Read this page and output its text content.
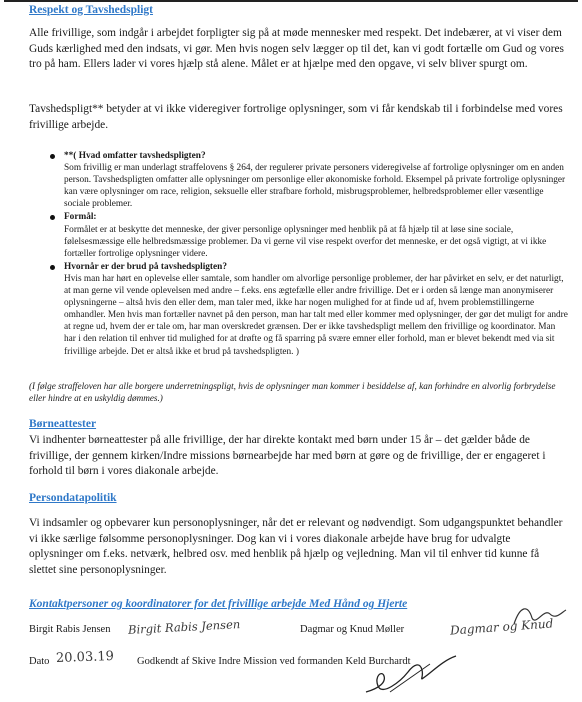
Respekt og Tavshedspligt

Alle frivillige, som indgår i arbejdet forpligter sig på at møde mennesker med respekt. Det indebærer, at vi viser dem Guds kærlighed med den indsats, vi gør. Men hvis nogen selv lægger op til det, kan vi godt fortælle om Gud og vores tro på ham. Ellers lader vi vores hjælp stå alene. Målet er at hjælpe med den opgave, vi selv bliver spurgt om.

Tavshedspligt** betyder at vi ikke videregiver fortrolige oplysninger, som vi får kendskab til i forbindelse med vores frivillige arbejde.

**( Hvad omfatter tavshedspligten?
Som frivillig er man underlagt straffelovens § 264, der regulerer private personers videregivelse af fortrolige oplysninger om en anden person. Tavshedspligten omfatter alle oplysninger om personlige eller økonomiske forhold. Eksempel på private fortrolige oplysninger kan være oplysninger om race, religion, seksuelle eller strafbare forhold, misbrugsproblemer, helbredsproblemer eller væsentlige sociale problemer.
Formål:
Formålet er at beskytte det menneske, der giver personlige oplysninger med henblik på at få hjælp til at løse sine sociale, følelsesmæssige elle helbredsmæssige problemer. Da vi gerne vil vise respekt overfor det menneske, er det også vigtigt, at vi ikke fortæller fortrolige oplysninger videre.
Hvornår er der brud på tavshedspligten?
Hvis man har hørt en oplevelse eller samtale, som handler om alvorlige personlige problemer, der har påvirket en selv, er det naturligt, at man gerne vil vende oplevelsen med andre – f.eks. ens ægtefælle eller andre frivillige. Det er i orden så længe man anonymiserer oplysningerne – altså hvis den eller dem, man taler med, ikke har nogen mulighed for at finde ud af, hvem problemstillingerne omhandler. Men hvis man fortæller navnet på den person, man har talt med eller kommer med oplysninger, der gør det muligt for andre at regne ud, hvem der er tale om, har man overskredet grænsen. Der er ikke tavshedspligt mellem den frivillige og koordinator. Man har i den relation til enhver tid mulighed for at drøfte og få sparring på svære emner eller forhold, man er blevet bekendt med via sit frivillige arbejde. Det er altså ikke et brud på tavshedspligten. )
(I følge straffeloven har alle borgere underretningspligt, hvis de oplysninger man kommer i besiddelse af, kan forhindre en alvorlig forbrydelse eller hindre at en uskyldig dømmes.)
Børneattester

Vi indhenter børneattester på alle frivillige, der har direkte kontakt med børn under 15 år – det gælder både de frivillige, der gennem kirken/Indre missions børnearbejde har med børn at gøre og de frivillige, der er engageret i forhold til børn i vores diakonale arbejde.

Persondatapolitik

Vi indsamler og opbevarer kun personoplysninger, når det er relevant og nødvendigt. Som udgangspunktet behandler vi ikke særlige følsomme personoplysninger. Dog kan vi i vores diakonale arbejde have brug for udvalgte oplysninger om f.eks. netværk, helbred osv. med henblik på hjælp og vejledning. Man vil til enhver tid kunne få slettet sine personoplysninger.

Kontaktpersoner og koordinatorer for det frivillige arbejde Med Hånd og Hjerte
Birgit Rabis Jensen Birgit Rabis Jensen	Dagmar og Knud Møller	Dagmar og Knud
Dato 20.03.19 Godkendt af Skive Indre Mission ved formanden Keld Burchardt
